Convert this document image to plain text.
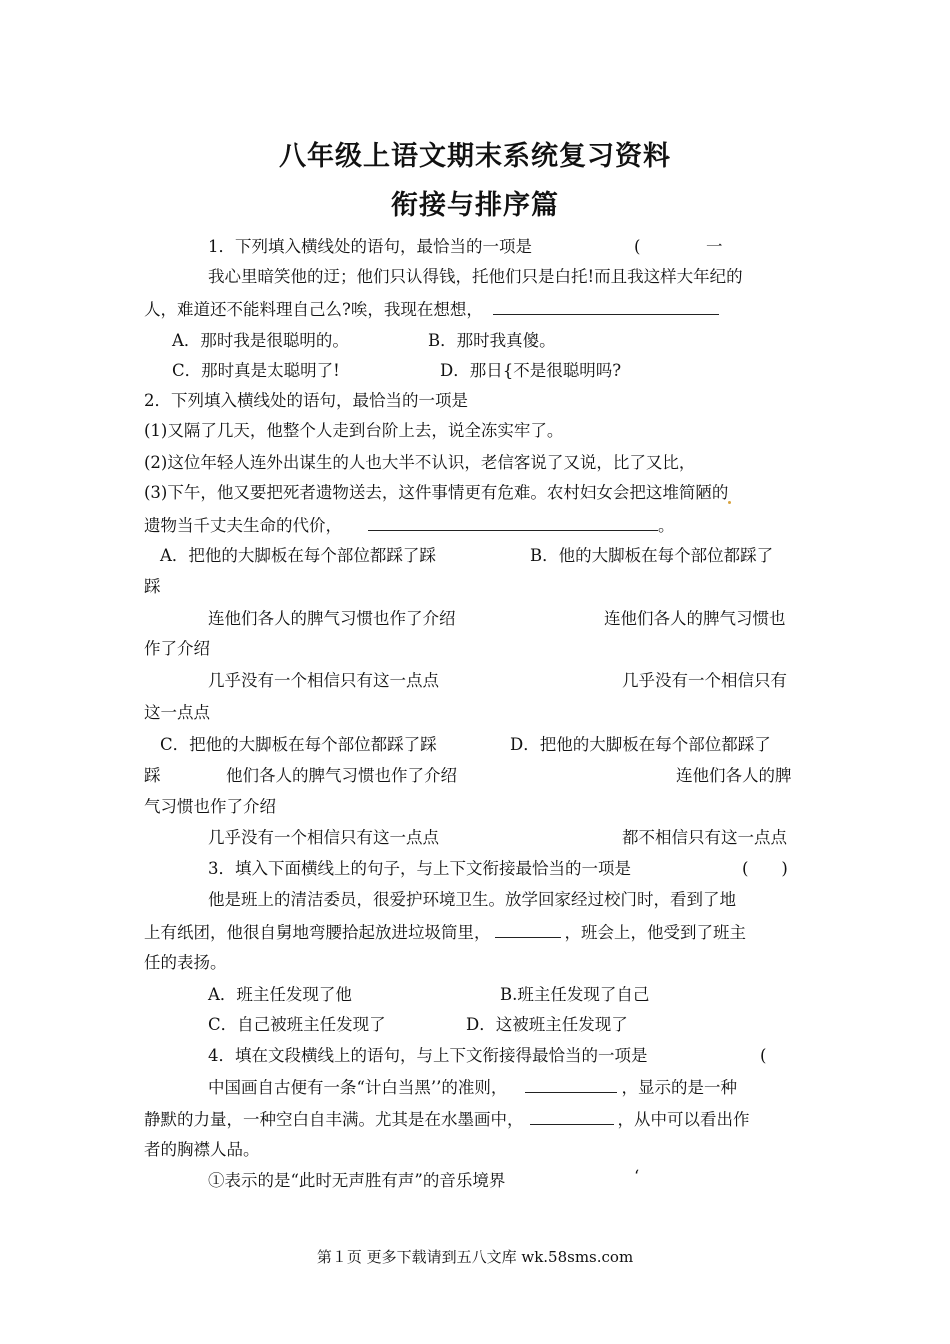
八年级上语文期末系统复习资料
衔接与排序篇
1．下列填入横线处的语句，最恰当的一项是	(	一
我心里暗笑他的迂；他们只认得钱，托他们只是白托!而且我这样大年纪的
人，难道还不能料理自己么?唉，我现在想想，
A．那时我是很聪明的。	B．那时我真傻。
C．那时真是太聪明了!	D．那日{不是很聪明吗?
2．下列填入横线处的语句，最恰当的一项是
(1)又隔了几天，他整个人走到台阶上去，说全冻实牢了。
(2)这位年轻人连外出谋生的人也大半不认识，老信客说了又说，比了又比，
(3)下午，他又要把死者遗物送去，这件事情更有危难。农村妇女会把这堆简陋的
遗物当千丈夫生命的代价，	。
A．把他的大脚板在每个部位都踩了踩	B．他的大脚板在每个部位都踩了
踩
连他们各人的脾气习惯也作了介绍	连他们各人的脾气习惯也
作了介绍
几乎没有一个相信只有这一点点	几乎没有一个相信只有
这一点点
C．把他的大脚板在每个部位都踩了踩	D．把他的大脚板在每个部位都踩了
踩	他们各人的脾气习惯也作了介绍	连他们各人的脾
气习惯也作了介绍
几乎没有一个相信只有这一点点	都不相信只有这一点点
3．填入下面横线上的句子，与上下文衔接最恰当的一项是	(　　)
他是班上的清洁委员，很爱护环境卫生。放学回家经过校门时，看到了地
上有纸团，他很自舅地弯腰拾起放进垃圾筒里，	，班会上，他受到了班主
任的表扬。
A．班主任发现了他	B.班主任发现了自己
C．自己被班主任发现了	D．这被班主任发现了
4．填在文段横线上的语句，与上下文衔接得最恰当的一项是	(
中国画自古便有一条“计白当黑’’的准则，	，显示的是一种
静默的力量，一种空白自丰满。尤其是在水墨画中，	，从中可以看出作
者的胸襟人品。
①表示的是“此时无声胜有声”的音乐境界	‘
第１页 更多下载请到五八文库 wk.58sms.com
